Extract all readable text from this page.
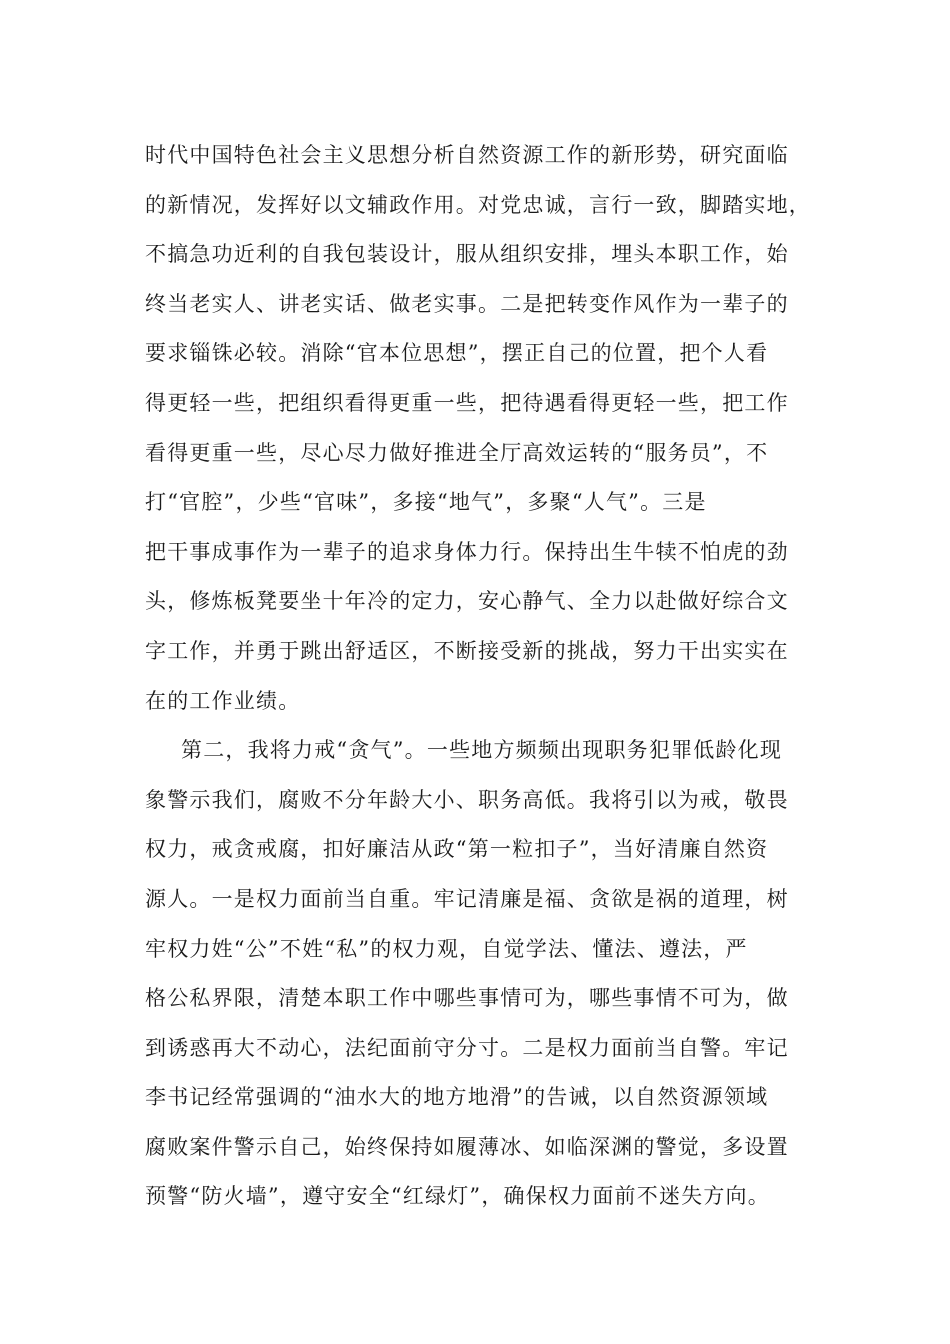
时代中国特色社会主义思想分析自然资源工作的新形势，研究面临
的新情况，发挥好以文辅政作用。对党忠诚，言行一致，脚踏实地，
不搞急功近利的自我包装设计，服从组织安排，埋头本职工作，始
终当老实人、讲老实话、做老实事。二是把转变作风作为一辈子的
要求锱铢必较。消除“官本位思想”，摆正自己的位置，把个人看
得更轻一些，把组织看得更重一些，把待遇看得更轻一些，把工作
看得更重一些，尽心尽力做好推进全厅高效运转的“服务员”，不
打“官腔”，少些“官味”，多接“地气”，多聚“人气”。三是
把干事成事作为一辈子的追求身体力行。保持出生牛犊不怕虎的劲
头，修炼板凳要坐十年冷的定力，安心静气、全力以赴做好综合文
字工作，并勇于跳出舒适区，不断接受新的挑战，努力干出实实在
在的工作业绩。
第二，我将力戒“贪气”。一些地方频频出现职务犯罪低龄化现
象警示我们，腐败不分年龄大小、职务高低。我将引以为戒，敬畏
权力，戒贪戒腐，扣好廉洁从政“第一粒扣子”，当好清廉自然资
源人。一是权力面前当自重。牢记清廉是福、贪欲是祸的道理，树
牢权力姓“公”不姓“私”的权力观，自觉学法、懂法、遵法，严
格公私界限，清楚本职工作中哪些事情可为，哪些事情不可为，做
到诱惑再大不动心，法纪面前守分寸。二是权力面前当自警。牢记
李书记经常强调的“油水大的地方地滑”的告诫，以自然资源领域
腐败案件警示自己，始终保持如履薄冰、如临深渊的警觉，多设置
预警“防火墙”，遵守安全“红绿灯”，确保权力面前不迷失方向。
